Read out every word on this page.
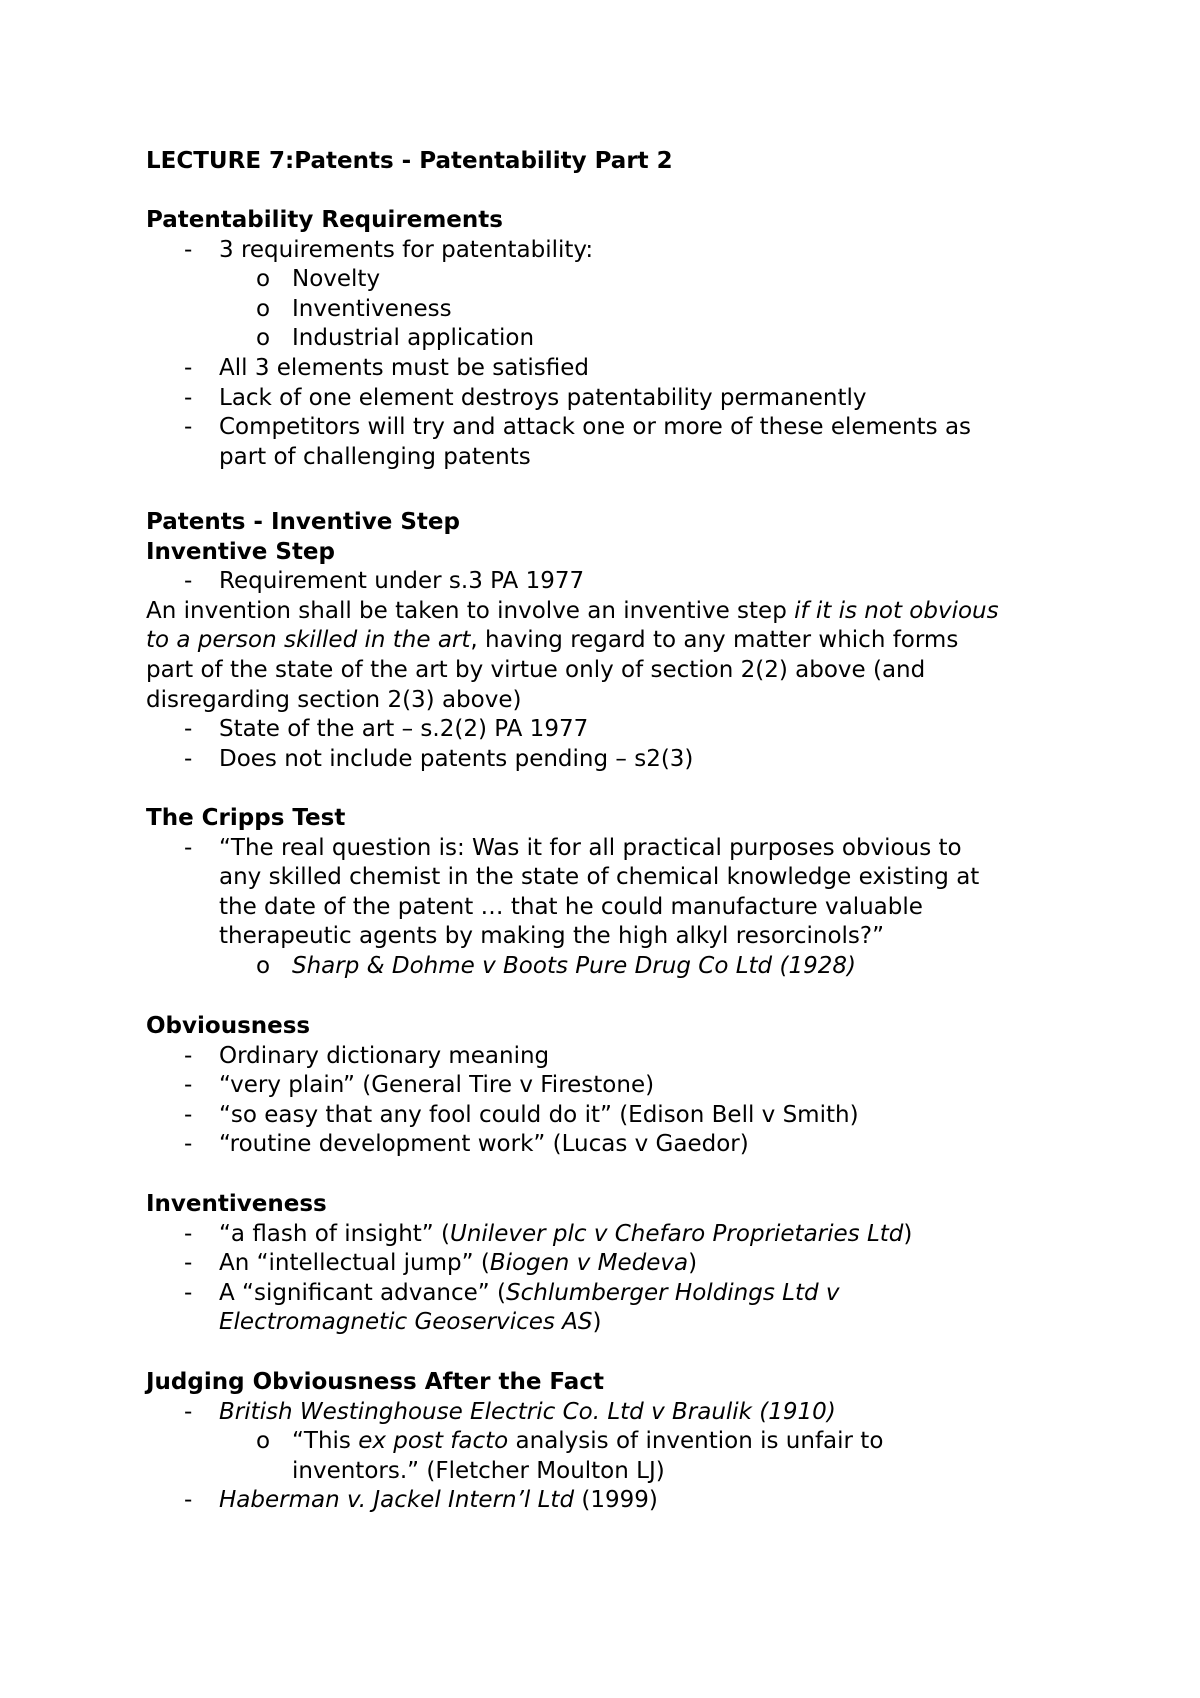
LECTURE 7:Patents - Patentability Part 2
Patentability Requirements
- 3 requirements for patentability:
o Novelty
o Inventiveness
o Industrial application
- All 3 elements must be satisfied
- Lack of one element destroys patentability permanently
- Competitors will try and attack one or more of these elements as
part of challenging patents
Patents - Inventive Step
Inventive Step
- Requirement under s.3 PA 1977
An invention shall be taken to involve an inventive step if it is not obvious
to a person skilled in the art, having regard to any matter which forms
part of the state of the art by virtue only of section 2(2) above (and
disregarding section 2(3) above)
- State of the art – s.2(2) PA 1977
- Does not include patents pending – s2(3)
The Cripps Test
- “The real question is: Was it for all practical purposes obvious to
any skilled chemist in the state of chemical knowledge existing at
the date of the patent … that he could manufacture valuable
therapeutic agents by making the high alkyl resorcinols?”
o Sharp & Dohme v Boots Pure Drug Co Ltd (1928)
Obviousness
- Ordinary dictionary meaning
- “very plain” (General Tire v Firestone)
- “so easy that any fool could do it” (Edison Bell v Smith)
- “routine development work” (Lucas v Gaedor)
Inventiveness
- “a flash of insight” (Unilever plc v Chefaro Proprietaries Ltd)
- An “intellectual jump” (Biogen v Medeva)
- A “significant advance” (Schlumberger Holdings Ltd v
Electromagnetic Geoservices AS)
Judging Obviousness After the Fact
- British Westinghouse Electric Co. Ltd v Braulik (1910)
o “This ex post facto analysis of invention is unfair to
inventors.” (Fletcher Moulton LJ)
- Haberman v. Jackel Intern’l Ltd (1999)
